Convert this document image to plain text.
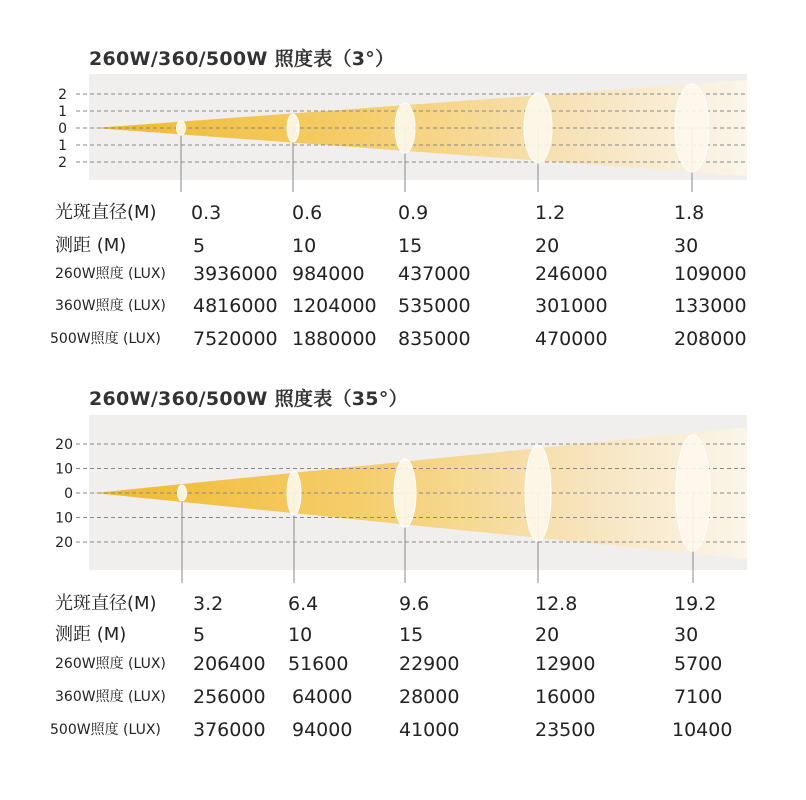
260W/360/500W 照度表（3°）
2
1
0
1
2
光斑直径(M) 0.3	0.6	0.9	1.2	1.8
测距 (M)	5	10	15	20	30
260W照度 (LUX) 3936000 984000 437000	246000	109000
360W照度 (LUX) 4816000 1204000 535000	301000	133000
500W照度 (LUX) 7520000 1880000 835000	470000	208000
260W/360/500W 照度表（35°）
20
10
0
10
20
光斑直径(M) 3.2	6.4	9.6	12.8	19.2
测距 (M)	5	10	15	20	30
260W照度 (LUX) 206400 51600	22900	12900	5700
360W照度 (LUX) 256000 64000 28000	16000	7100
500W照度 (LUX) 376000 94000 41000	23500	10400
